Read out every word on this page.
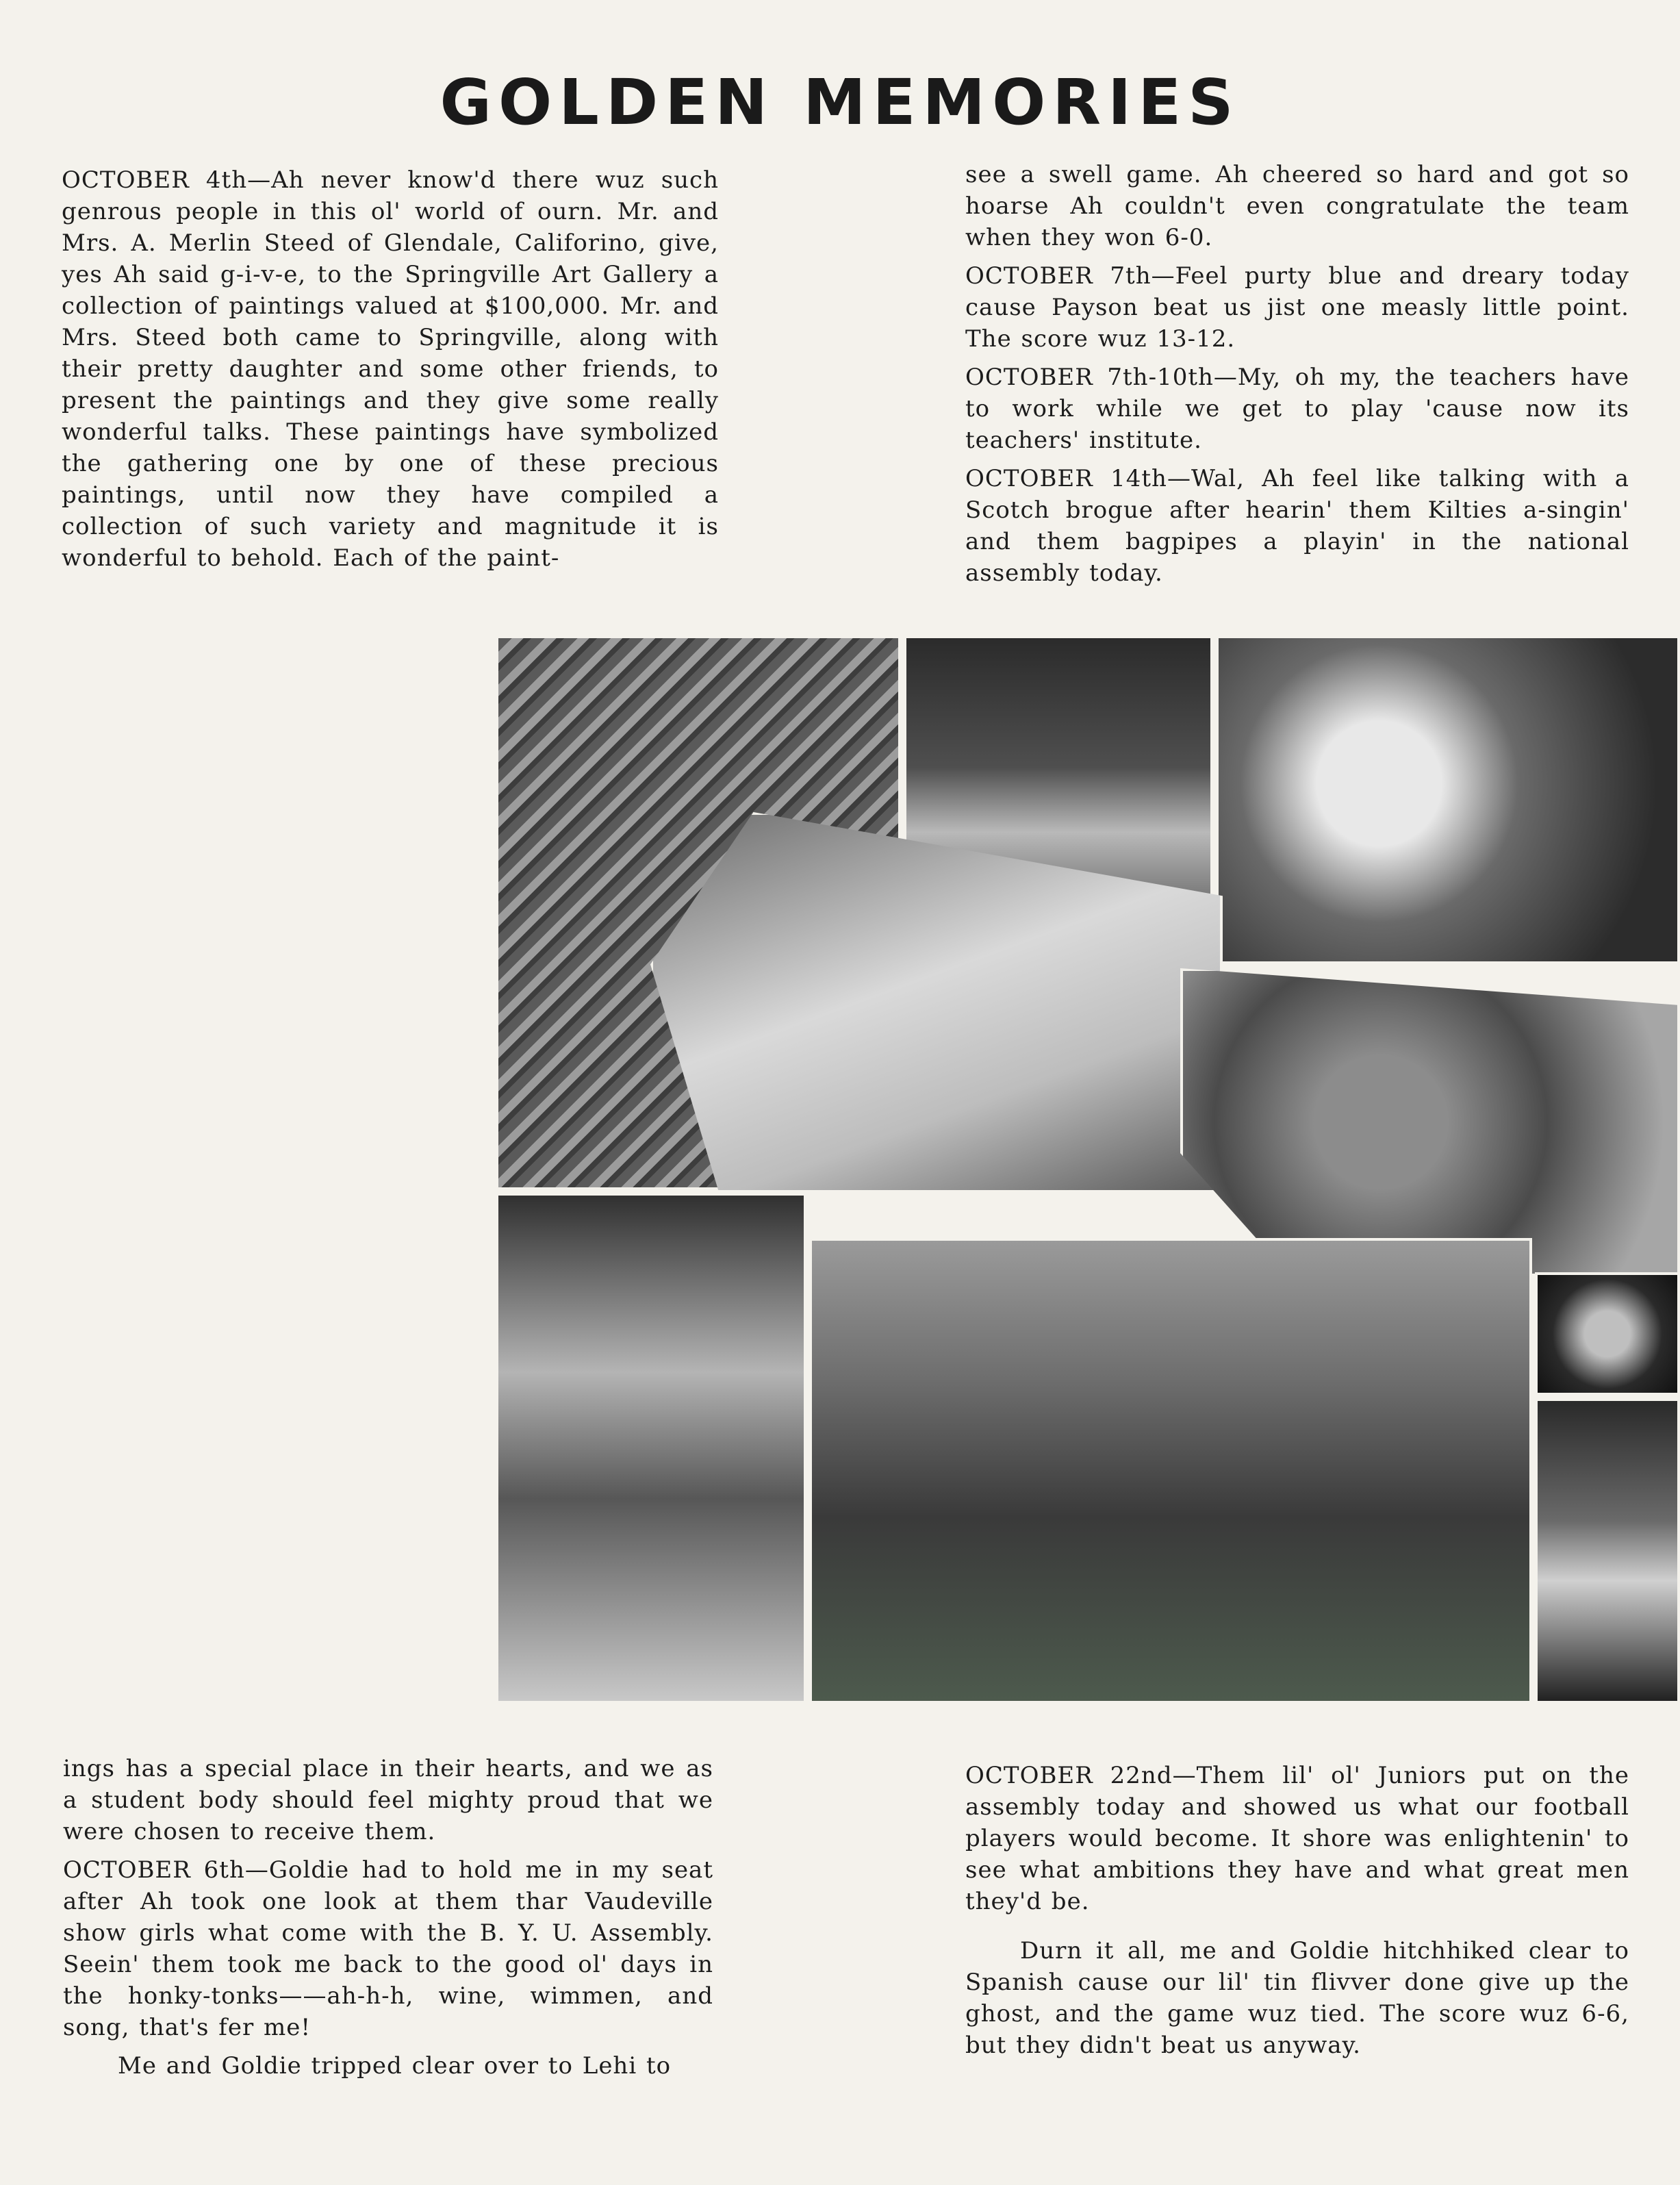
GOLDEN MEMORIES

OCTOBER 4th—Ah never know'd there wuz such genrous people in this ol' world of ourn. Mr. and Mrs. A. Merlin Steed of Glendale, Califorino, give, yes Ah said g-i-v-e, to the Springville Art Gallery a collection of paintings valued at $100,000. Mr. and Mrs. Steed both came to Springville, along with their pretty daughter and some other friends, to present the paintings and they give some really wonderful talks. These paintings have symbolized the gathering one by one of these precious paintings, until now they have compiled a collection of such variety and magnitude it is wonderful to behold. Each of the paint-

see a swell game. Ah cheered so hard and got so hoarse Ah couldn't even congratulate the team when they won 6-0.

OCTOBER 7th—Feel purty blue and dreary today cause Payson beat us jist one measly little point. The score wuz 13-12.

OCTOBER 7th-10th—My, oh my, the teachers have to work while we get to play 'cause now its teachers' institute.

OCTOBER 14th—Wal, Ah feel like talking with a Scotch brogue after hearin' them Kilties a-singin' and them bagpipes a playin' in the national assembly today.

ings has a special place in their hearts, and we as a student body should feel mighty proud that we were chosen to receive them.

OCTOBER 6th—Goldie had to hold me in my seat after Ah took one look at them thar Vaudeville show girls what come with the B. Y. U. Assembly. Seein' them took me back to the good ol' days in the honky-tonks——ah-h-h, wine, wimmen, and song, that's fer me!

Me and Goldie tripped clear over to Lehi to

OCTOBER 22nd—Them lil' ol' Juniors put on the assembly today and showed us what our football players would become. It shore was enlightenin' to see what ambitions they have and what great men they'd be.

Durn it all, me and Goldie hitchhiked clear to Spanish cause our lil' tin flivver done give up the ghost, and the game wuz tied. The score wuz 6-6, but they didn't beat us anyway.
